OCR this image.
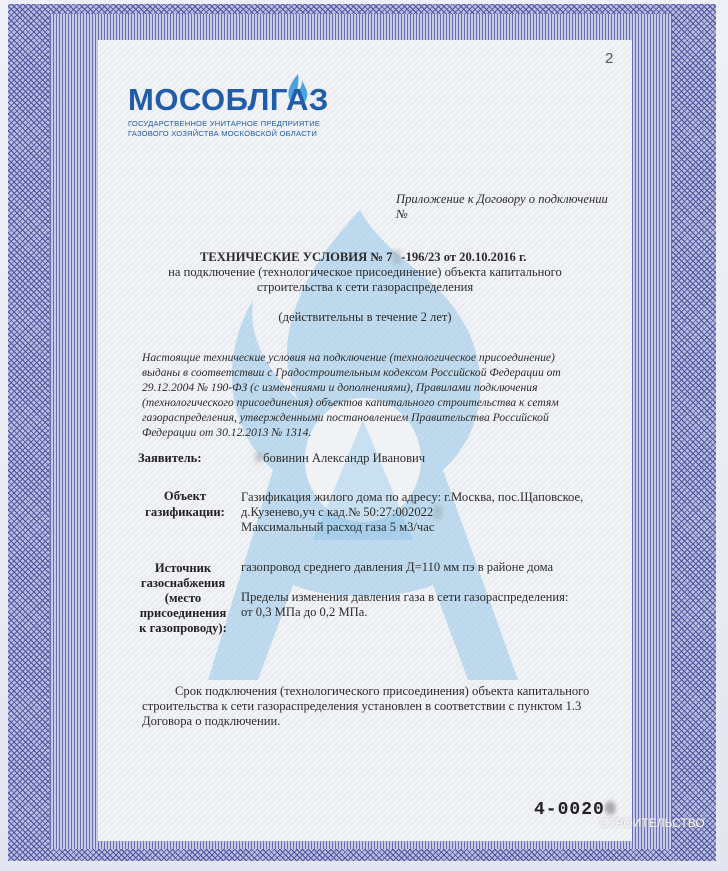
МОСОБЛГАЗ
ГОСУДАРСТВЕННОЕ УНИТАРНОЕ ПРЕДПРИЯТИЕ
ГАЗОВОГО ХОЗЯЙСТВА МОСКОВСКОЙ ОБЛАСТИ
2
Приложение к Договору о подключении
№
ТЕХНИЧЕСКИЕ УСЛОВИЯ № 7▒-196/23 от 20.10.2016 г.
на подключение (технологическое присоединение) объекта капитального
строительства к сети газораспределения
(действительны в течение 2 лет)
Настоящие технические условия на подключение (технологическое присоединение)
выданы в соответствии с Градостроительным кодексом Российской Федерации от
29.12.2004 № 190-ФЗ (с изменениями и дополнениями), Правилами подключения
(технологического присоединения) объектов капитального строительства к сетям
газораспределения, утвержденными постановлением Правительства Российской
Федерации от 30.12.2013 № 1314.
Заявитель:	Хбовинин Александр Иванович
Объект
газификации:
Газификация жилого дома по адресу: г.Москва, пос.Щаповское,
д.Кузенево,уч с кад.№ 50:27:002022▒
Максимальный расход газа 5 м3/час
Источник
газоснабжения
(место
присоединения
к газопроводу):
газопровод среднего давления Д=110 мм пэ в районе дома
Пределы изменения давления газа в сети газораспределения:
от 0,3 МПа до 0,2 МПа.
Срок подключения (технологического присоединения) объекта капитального
строительства к сети газораспределения установлен в соответствии с пунктом 1.3
Договора о подключении.
4-00200
СТРОИТЕЛЬСТВО
